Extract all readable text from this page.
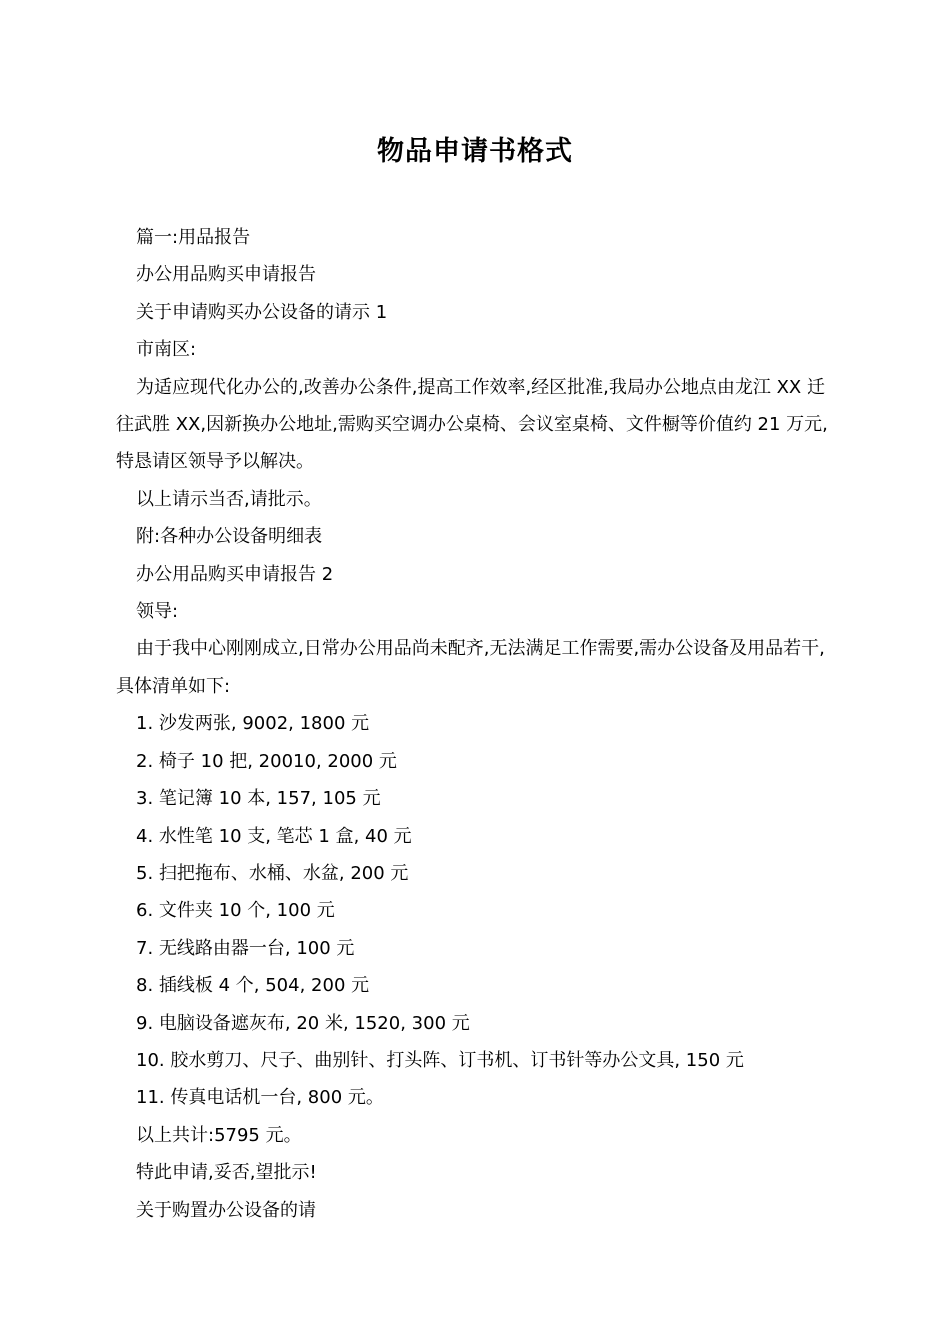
物品申请书格式

篇一:用品报告

办公用品购买申请报告

关于申请购买办公设备的请示 1

市南区:

为适应现代化办公的,改善办公条件,提高工作效率,经区批准,我局办公地点由龙江 XX 迁往武胜 XX,因新换办公地址,需购买空调办公桌椅、会议室桌椅、文件橱等价值约 21 万元,特恳请区领导予以解决。

以上请示当否,请批示。

附:各种办公设备明细表

办公用品购买申请报告 2

领导:

由于我中心刚刚成立,日常办公用品尚未配齐,无法满足工作需要,需办公设备及用品若干,具体清单如下:

1. 沙发两张, 9002, 1800 元

2. 椅子 10 把, 20010, 2000 元

3. 笔记簿 10 本, 157, 105 元

4. 水性笔 10 支, 笔芯 1 盒, 40 元

5. 扫把拖布、水桶、水盆, 200 元

6. 文件夹 10 个, 100 元

7. 无线路由器一台, 100 元

8. 插线板 4 个, 504, 200 元

9. 电脑设备遮灰布, 20 米, 1520, 300 元

10. 胶水剪刀、尺子、曲别针、打头阵、订书机、订书针等办公文具, 150 元

11. 传真电话机一台, 800 元。

以上共计:5795 元。

特此申请,妥否,望批示!

关于购置办公设备的请
